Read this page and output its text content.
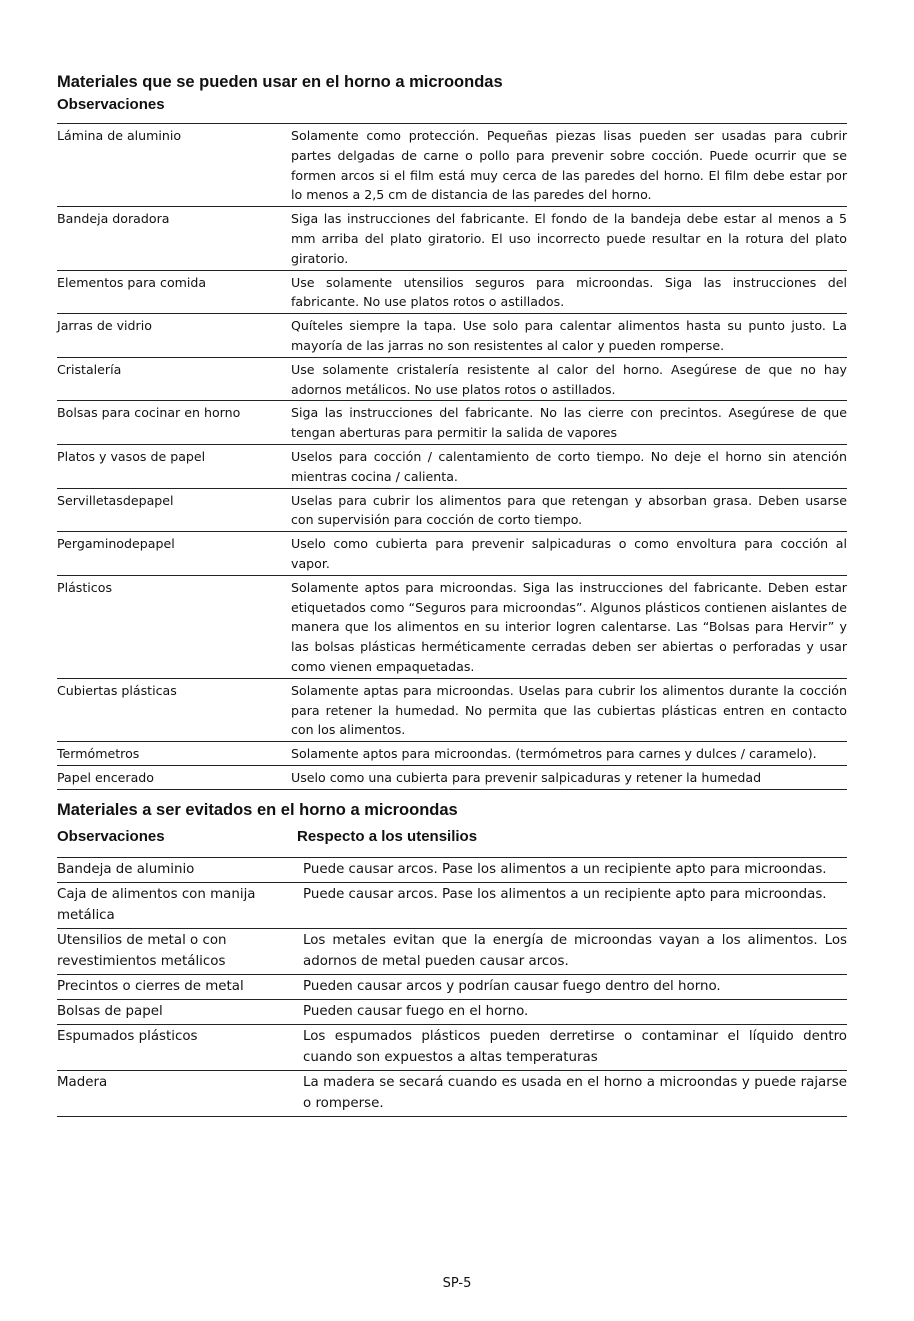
Materiales que se pueden usar en el horno a microondas
Observaciones
Lámina de aluminio	Solamente como protección. Pequeñas piezas lisas pueden ser usadas para cubrir partes delgadas de carne o pollo para prevenir sobre cocción. Puede ocurrir que se formen arcos si el film está muy cerca de las paredes del horno. El film debe estar por lo menos a 2,5 cm de distancia de las paredes del horno.
Bandeja doradora	Siga las instrucciones del fabricante. El fondo de la bandeja debe estar al menos a 5 mm arriba del plato giratorio. El uso incorrecto puede resultar en la rotura del plato giratorio.
Elementos para comida	Use solamente utensilios seguros para microondas. Siga las instrucciones del fabricante. No use platos rotos o astillados.
Jarras de vidrio	Quíteles siempre la tapa. Use solo para calentar alimentos hasta su punto justo. La mayoría de las jarras no son resistentes al calor y pueden romperse.
Cristalería	Use solamente cristalería resistente al calor del horno. Asegúrese de que no hay adornos metálicos. No use platos rotos o astillados.
Bolsas para cocinar en horno	Siga las instrucciones del fabricante. No las cierre con precintos. Asegúrese de que tengan aberturas para permitir la salida de vapores
Platos y vasos de papel	Uselos para cocción / calentamiento de corto tiempo. No deje el horno sin atención mientras cocina / calienta.
Servilletasdepapel	Uselas para cubrir los alimentos para que retengan y absorban grasa. Deben usarse con supervisión para cocción de corto tiempo.
Pergaminodepapel	Uselo como cubierta para prevenir salpicaduras o como envoltura para cocción al vapor.
Plásticos	Solamente aptos para microondas. Siga las instrucciones del fabricante. Deben estar etiquetados como “Seguros para microondas”. Algunos plásticos contienen aislantes de manera que los alimentos en su interior logren calentarse. Las “Bolsas para Hervir” y las bolsas plásticas herméticamente cerradas deben ser abiertas o perforadas y usar como vienen empaquetadas.
Cubiertas plásticas	Solamente aptas para microondas. Uselas para cubrir los alimentos durante la cocción para retener la humedad. No permita que las cubiertas plásticas entren en contacto con los alimentos.
Termómetros	Solamente aptos para microondas. (termómetros para carnes y dulces / caramelo).
Papel encerado	Uselo como una cubierta para prevenir salpicaduras y retener la humedad
Materiales a ser evitados en el horno a microondas
Observaciones	Respecto a los utensilios
Bandeja de aluminio	Puede causar arcos. Pase los alimentos a un recipiente apto para microondas.
Caja de alimentos con manija metálica	Puede causar arcos. Pase los alimentos a un recipiente apto para microondas.
Utensilios de metal o con revestimientos metálicos	Los metales evitan que la energía de microondas vayan a los alimentos. Los adornos de metal pueden causar arcos.
Precintos o cierres de metal	Pueden causar arcos y podrían causar fuego dentro del horno.
Bolsas de papel	Pueden causar fuego en el horno.
Espumados plásticos	Los espumados plásticos pueden derretirse o contaminar el líquido dentro cuando son expuestos a altas temperaturas
Madera	La madera se secará cuando es usada en el horno a microondas y puede rajarse o romperse.
SP-5
